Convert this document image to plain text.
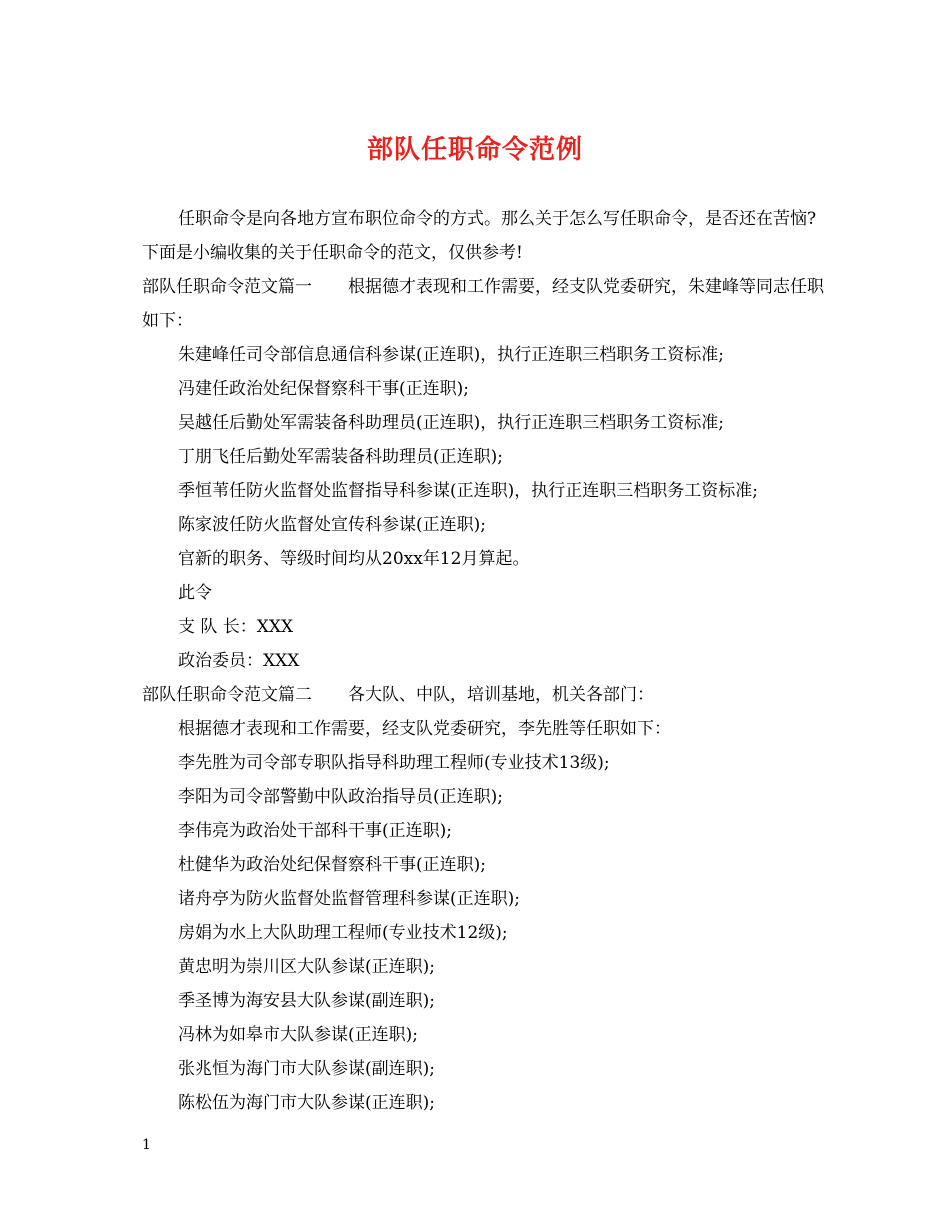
部队任职命令范例

任职命令是向各地方宣布职位命令的方式。那么关于怎么写任职命令，是否还在苦恼?下面是小编收集的关于任职命令的范文，仅供参考!

部队任职命令范文篇一 根据德才表现和工作需要，经支队党委研究，朱建峰等同志任职如下：

朱建峰任司令部信息通信科参谋(正连职)，执行正连职三档职务工资标准;

冯建任政治处纪保督察科干事(正连职);

吴越任后勤处军需装备科助理员(正连职)，执行正连职三档职务工资标准;

丁朋飞任后勤处军需装备科助理员(正连职);

季恒苇任防火监督处监督指导科参谋(正连职)，执行正连职三档职务工资标准;

陈家波任防火监督处宣传科参谋(正连职);

官新的职务、等级时间均从20xx年12月算起。

此令

支 队 长：XXX

政治委员：XXX

部队任职命令范文篇二 各大队、中队，培训基地，机关各部门：

根据德才表现和工作需要，经支队党委研究，李先胜等任职如下：

李先胜为司令部专职队指导科助理工程师(专业技术13级);

李阳为司令部警勤中队政治指导员(正连职);

李伟亮为政治处干部科干事(正连职);

杜健华为政治处纪保督察科干事(正连职);

诸舟亭为防火监督处监督管理科参谋(正连职);

房娟为水上大队助理工程师(专业技术12级);

黄忠明为崇川区大队参谋(正连职);

季圣博为海安县大队参谋(副连职);

冯林为如皋市大队参谋(正连职);

张兆恒为海门市大队参谋(副连职);

陈松伍为海门市大队参谋(正连职);

1
